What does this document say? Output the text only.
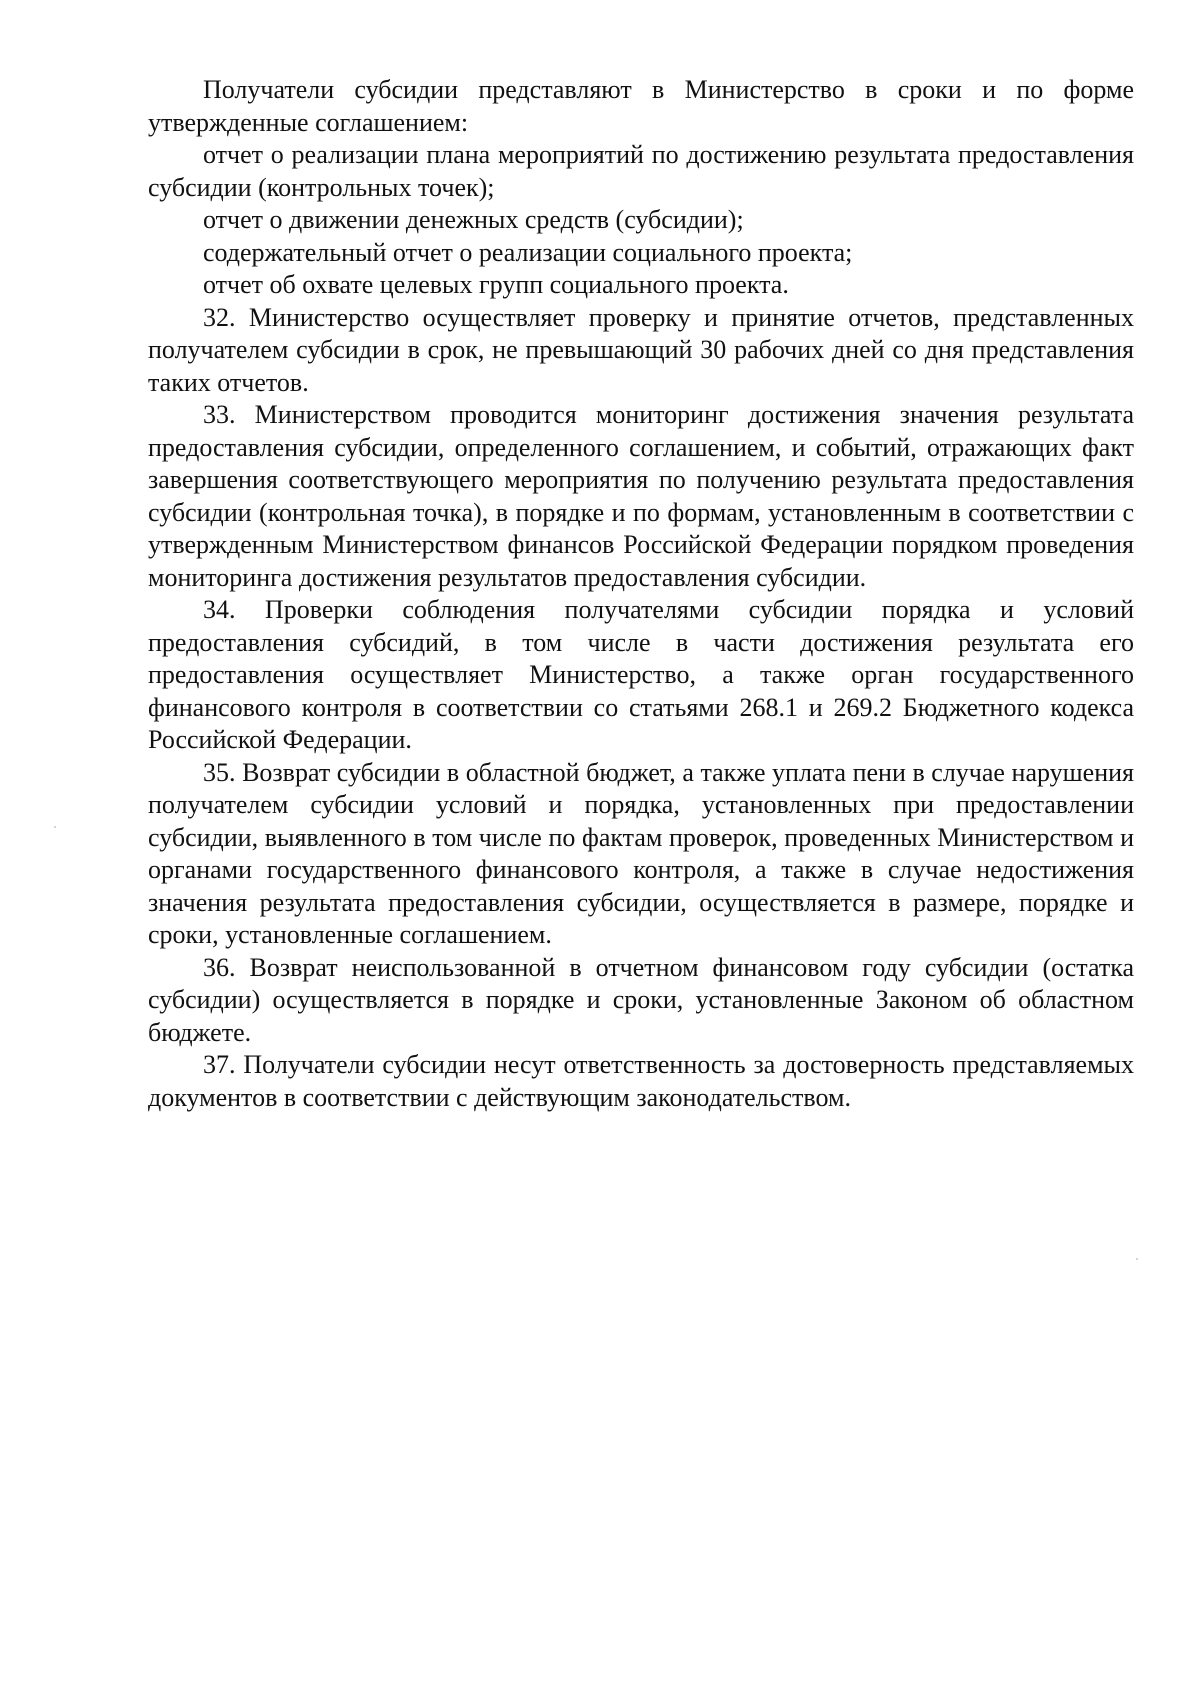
Получатели субсидии представляют в Министерство в сроки и по форме утвержденные соглашением:

отчет о реализации плана мероприятий по достижению результата предоставления субсидии (контрольных точек);

отчет о движении денежных средств (субсидии);

содержательный отчет о реализации социального проекта;

отчет об охвате целевых групп социального проекта.

32. Министерство осуществляет проверку и принятие отчетов, представленных получателем субсидии в срок, не превышающий 30 рабочих дней со дня представления таких отчетов.

33. Министерством проводится мониторинг достижения значения результата предоставления субсидии, определенного соглашением, и событий, отражающих факт завершения соответствующего мероприятия по получению результата предоставления субсидии (контрольная точка), в порядке и по формам, установленным в соответствии с утвержденным Министерством финансов Российской Федерации порядком проведения мониторинга достижения результатов предоставления субсидии.

34. Проверки соблюдения получателями субсидии порядка и условий предоставления субсидий, в том числе в части достижения результата его предоставления осуществляет Министерство, а также орган государственного финансового контроля в соответствии со статьями 268.1 и 269.2 Бюджетного кодекса Российской Федерации.

35. Возврат субсидии в областной бюджет, а также уплата пени в случае нарушения получателем субсидии условий и порядка, установленных при предоставлении субсидии, выявленного в том числе по фактам проверок, проведенных Министерством и органами государственного финансового контроля, а также в случае недостижения значения результата предоставления субсидии, осуществляется в размере, порядке и сроки, установленные соглашением.

36. Возврат неиспользованной в отчетном финансовом году субсидии (остатка субсидии) осуществляется в порядке и сроки, установленные Законом об областном бюджете.

37. Получатели субсидии несут ответственность за достоверность представляемых документов в соответствии с действующим законодательством.
